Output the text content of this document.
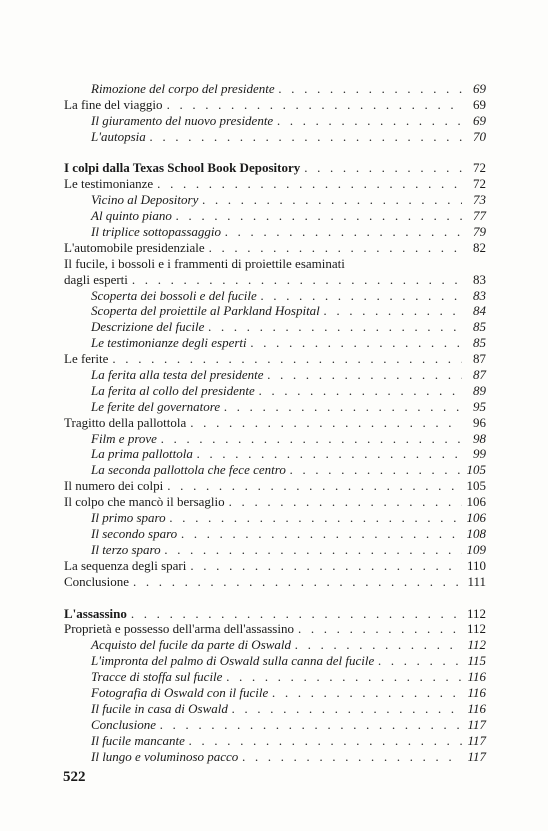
Rimozione del corpo del presidente . . .	69
La fine del viaggio . . .	69
Il giuramento del nuovo presidente . . .	69
L'autopsia . . .	70
I colpi dalla Texas School Book Depository . . .	72
Le testimonianze . . .	72
Vicino al Depository . . .	73
Al quinto piano . . .	77
Il triplice sottopassaggio . . .	79
L'automobile presidenziale . . .	82
Il fucile, i bossoli e i frammenti di proiettile esaminati
dagli esperti . . .	83
Scoperta dei bossoli e del fucile . . .	83
Scoperta del proiettile al Parkland Hospital . . .	84
Descrizione del fucile . . .	85
Le testimonianze degli esperti . . .	85
Le ferite . . .	87
La ferita alla testa del presidente . . .	87
La ferita al collo del presidente . . .	89
Le ferite del governatore . . .	95
Tragitto della pallottola . . .	96
Film e prove . . .	98
La prima pallottola . . .	99
La seconda pallottola che fece centro . . .	105
Il numero dei colpi . . .	105
Il colpo che mancò il bersaglio . . .	106
Il primo sparo . . .	106
Il secondo sparo . . .	108
Il terzo sparo . . .	109
La sequenza degli spari . . .	110
Conclusione . . .	111
L'assassino . . .	112
Proprietà e possesso dell'arma dell'assassino . . .	112
Acquisto del fucile da parte di Oswald . . .	112
L'impronta del palmo di Oswald sulla canna del fucile . . .	115
Tracce di stoffa sul fucile . . .	116
Fotografia di Oswald con il fucile . . .	116
Il fucile in casa di Oswald . . .	116
Conclusione . . .	117
Il fucile mancante . . .	117
Il lungo e voluminoso pacco . . .	117
522
